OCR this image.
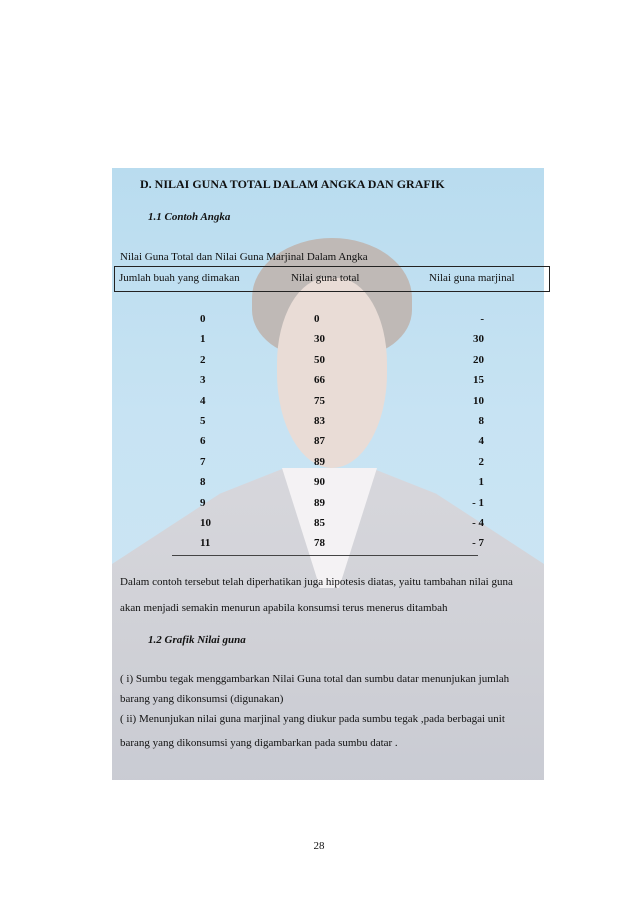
D. NILAI GUNA TOTAL DALAM ANGKA DAN GRAFIK
1.1 Contoh Angka
Nilai Guna Total dan Nilai Guna Marjinal Dalam Angka
Jumlah buah yang dimakan	Nilai guna total	Nilai guna marjinal
0	0	-
1	30	30
2	50	20
3	66	15
4	75	10
5	83	8
6	87	4
7	89	2
8	90	1
9	89	- 1
10	85	- 4
11	78	- 7
Dalam contoh tersebut telah diperhatikan juga hipotesis diatas, yaitu tambahan nilai guna
akan menjadi semakin menurun apabila konsumsi terus menerus ditambah
1.2 Grafik Nilai guna
( i) Sumbu tegak menggambarkan Nilai Guna total dan sumbu datar menunjukan jumlah
barang yang dikonsumsi (digunakan)
( ii) Menunjukan nilai guna marjinal yang diukur pada sumbu tegak ,pada berbagai unit
barang yang dikonsumsi yang digambarkan pada sumbu datar .
28
